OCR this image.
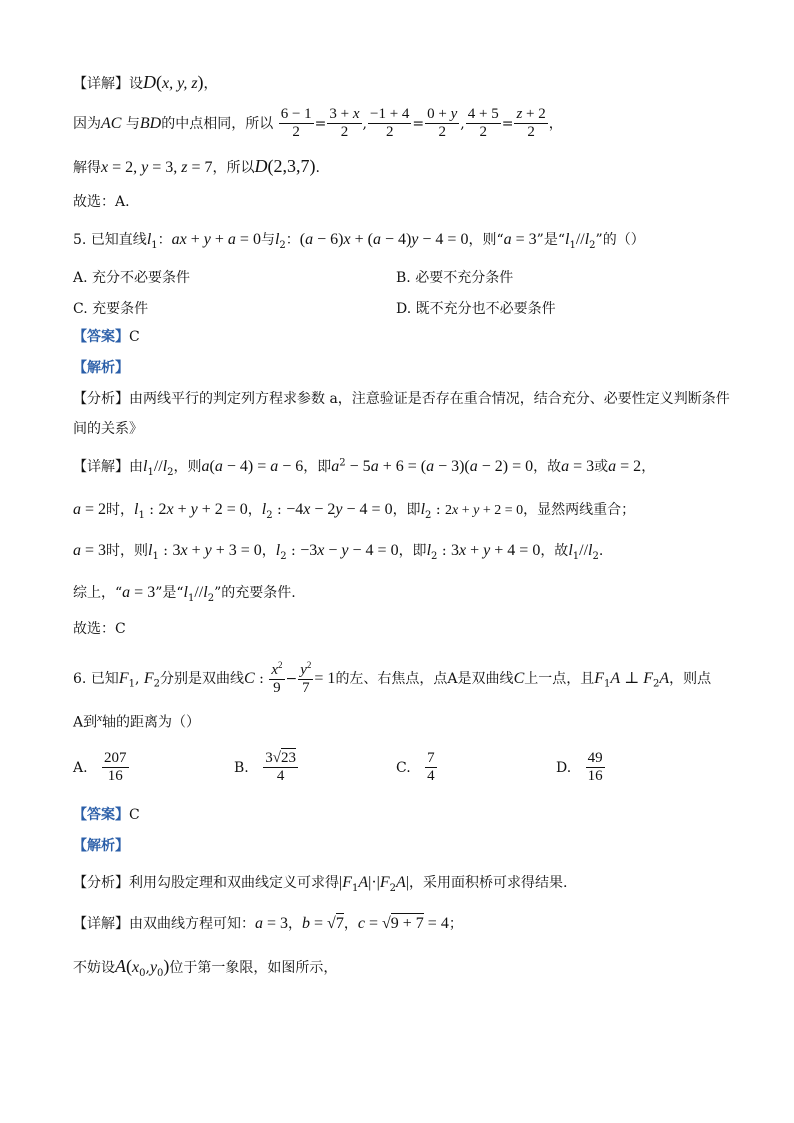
【详解】设D(x, y, z)，
因为AC 与BD的中点相同，所以 $\frac{6 - 1}{2} = \frac{3 + x}{2}$ , $\frac{-1 + 4}{2} = \frac{0 + y}{2}$ , $\frac{4 + 5}{2} = \frac{z + 2}{2}$ ，
解得x = 2, y = 3, z = 7，所以D(2,3,7).
故选：A.
5. 已知直线$l_1$：ax + y + a = 0与$l_2$：(a − 6)x + (a − 4)y − 4 = 0，则“a = 3”是“$l_1//l_2$”的（）
A. 充分不必要条件	B. 必要不充分条件
C. 充要条件	D. 既不充分也不必要条件
【答案】C
【解析】
【分析】由两线平行的判定列方程求参数 a，注意验证是否存在重合情况，结合充分、必要性定义判断条件
间的关系》
【详解】由$l_1//l_2$，则a(a − 4) = a − 6，即$a^2 - 5a + 6 = (a - 3)(a - 2) = 0$，故a = 3或a = 2，
a = 2时，$l_1$ : 2x + y + 2 = 0，$l_2$ : −4x − 2y − 4 = 0，即$l_2$ : 2x + y + 2 = 0，显然两线重合；
a = 3时，则$l_1$ : 3x + y + 3 = 0，$l_2$ : −3x − y − 4 = 0，即$l_2$ : 3x + y + 4 = 0，故$l_1//l_2$.
综上，“a = 3”是“$l_1//l_2$”的充要条件.
故选：C
6. 已知$F_1$, $F_2$分别是双曲线C : $\frac{x^2}{9} - \frac{y^2}{7} = 1$的左、右焦点，点A是双曲线C上一点，且$F_1A$ ⊥ $F_2A$，则点
A到$^x$轴的距离为（）
A. $\frac{207}{16}$	B. $\frac{3√23}{4}$	C. $\frac{7}{4}$	D. $\frac{49}{16}$
【答案】C
【解析】
【分析】利用勾股定理和双曲线定义可求得$|F_1A|\cdot|F_2A|$，采用面积桥可求得结果.
【详解】由双曲线方程可知：a = 3，b = √7，c = √9 + 7 = 4；
不妨设$A(x_0,y_0)$位于第一象限，如图所示，
